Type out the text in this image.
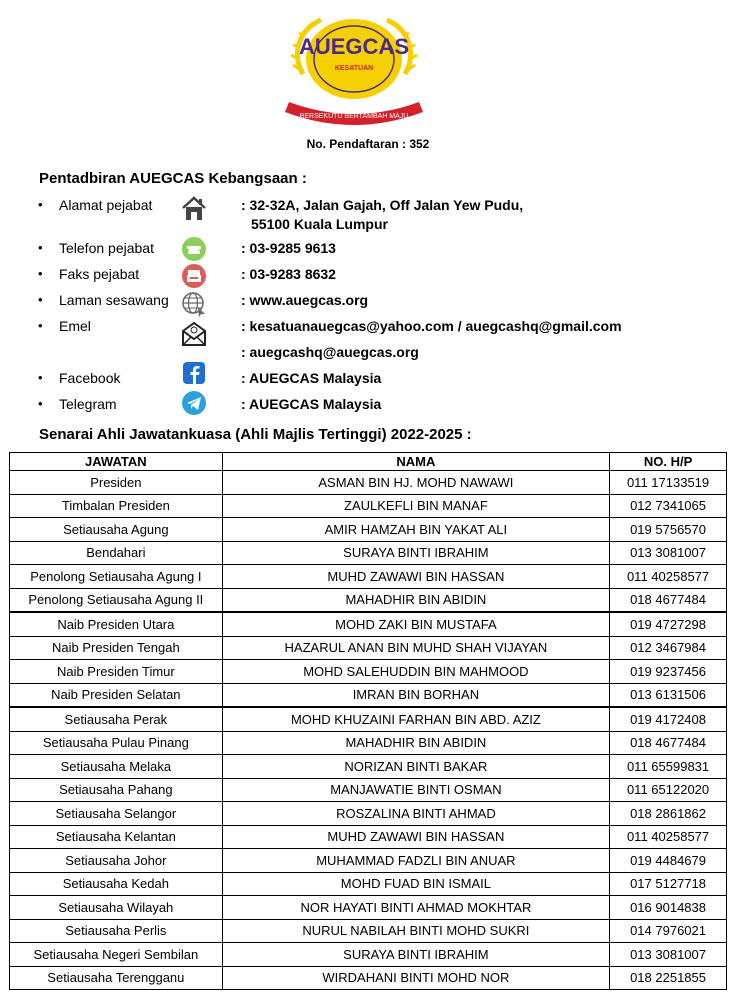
AUEGCAS
KESATUAN
BERSEKUTU BERTAMBAH MAJU
No. Pendaftaran : 352
Pentadbiran AUEGCAS Kebangsaan :
• Alamat pejabat	: 32-32A, Jalan Gajah, Off Jalan Yew Pudu,
55100 Kuala Lumpur
• Telefon pejabat	: 03-9285 9613
• Faks pejabat	: 03-9283 8632
• Laman sesawang	: www.auegcas.org
• Emel	: kesatuanauegcas@yahoo.com / auegcashq@gmail.com
: auegcashq@auegcas.org
• Facebook	: AUEGCAS Malaysia
• Telegram	: AUEGCAS Malaysia
Senarai Ahli Jawatankuasa (Ahli Majlis Tertinggi) 2022-2025 :
JAWATAN	NAMA	NO. H/P
Presiden	ASMAN BIN HJ. MOHD NAWAWI	011 17133519
Timbalan Presiden	ZAULKEFLI BIN MANAF	012 7341065
Setiausaha Agung	AMIR HAMZAH BIN YAKAT ALI	019 5756570
Bendahari	SURAYA BINTI IBRAHIM	013 3081007
Penolong Setiausaha Agung I	MUHD ZAWAWI BIN HASSAN	011 40258577
Penolong Setiausaha Agung II	MAHADHIR BIN ABIDIN	018 4677484
Naib Presiden Utara	MOHD ZAKI BIN MUSTAFA	019 4727298
Naib Presiden Tengah	HAZARUL ANAN BIN MUHD SHAH VIJAYAN	012 3467984
Naib Presiden Timur	MOHD SALEHUDDIN BIN MAHMOOD	019 9237456
Naib Presiden Selatan	IMRAN BIN BORHAN	013 6131506
Setiausaha Perak	MOHD KHUZAINI FARHAN BIN ABD. AZIZ	019 4172408
Setiausaha Pulau Pinang	MAHADHIR BIN ABIDIN	018 4677484
Setiausaha Melaka	NORIZAN BINTI BAKAR	011 65599831
Setiausaha Pahang	MANJAWATIE BINTI OSMAN	011 65122020
Setiausaha Selangor	ROSZALINA BINTI AHMAD	018 2861862
Setiausaha Kelantan	MUHD ZAWAWI BIN HASSAN	011 40258577
Setiausaha Johor	MUHAMMAD FADZLI BIN ANUAR	019 4484679
Setiausaha Kedah	MOHD FUAD BIN ISMAIL	017 5127718
Setiausaha Wilayah	NOR HAYATI BINTI AHMAD MOKHTAR	016 9014838
Setiausaha Perlis	NURUL NABILAH BINTI MOHD SUKRI	014 7976021
Setiausaha Negeri Sembilan	SURAYA BINTI IBRAHIM	013 3081007
Setiausaha Terengganu	WIRDAHANI BINTI MOHD NOR	018 2251855
